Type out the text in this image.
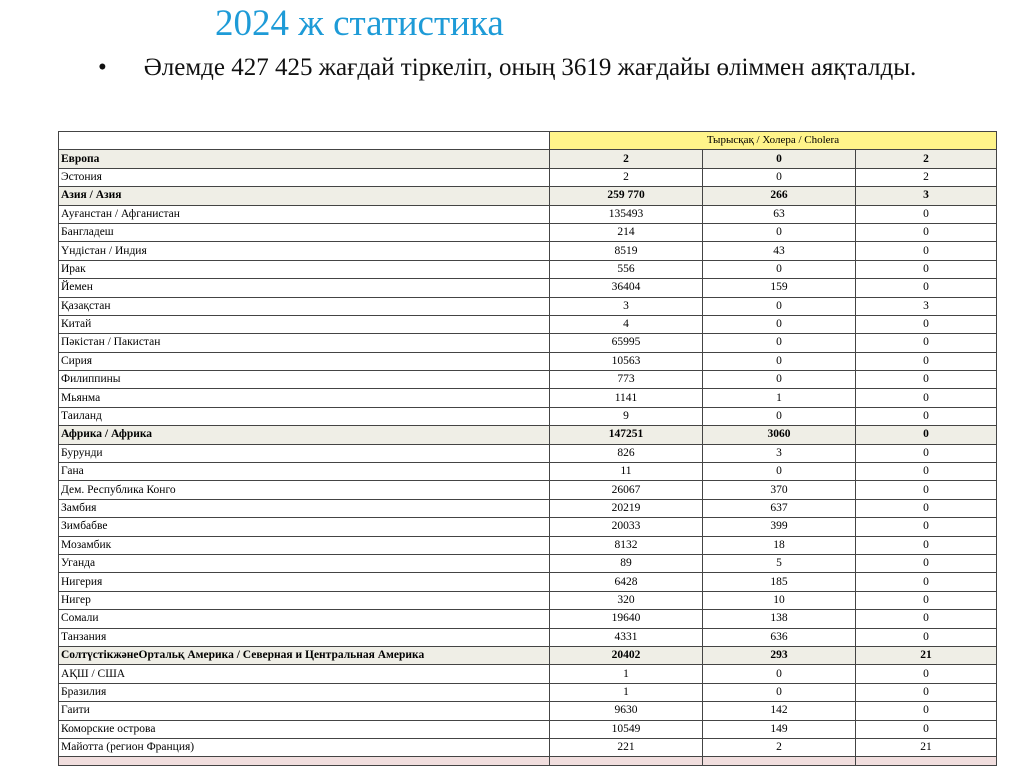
2024 ж статистика
• Әлемде 427 425 жағдай тіркеліп, оның 3619 жағдайы өліммен аяқталды.
	Тырысқақ / Холера / Cholera		
Европа	2	0	2
Эстония	2	0	2
Азия / Азия	259 770	266	3
Ауғанстан / Афганистан	135493	63	0
Бангладеш	214	0	0
Үндістан / Индия	8519	43	0
Ирак	556	0	0
Йемен	36404	159	0
Қазақстан	3	0	3
Китай	4	0	0
Пәкістан / Пакистан	65995	0	0
Сирия	10563	0	0
Филиппины	773	0	0
Мьянма	1141	1	0
Таиланд	9	0	0
Африка / Африка	147251	3060	0
Бурунди	826	3	0
Гана	11	0	0
Дем. Республика Конго	26067	370	0
Замбия	20219	637	0
Зимбабве	20033	399	0
Мозамбик	8132	18	0
Уганда	89	5	0
Нигерия	6428	185	0
Нигер	320	10	0
Сомали	19640	138	0
Танзания	4331	636	0
СолтүстікжәнеОртальқ Америка / Северная и Центральная Америка	20402	293	21
АҚШ / США	1	0	0
Бразилия	1	0	0
Гаити	9630	142	0
Коморские острова	10549	149	0
Майотта (регион Франция)	221	2	21
